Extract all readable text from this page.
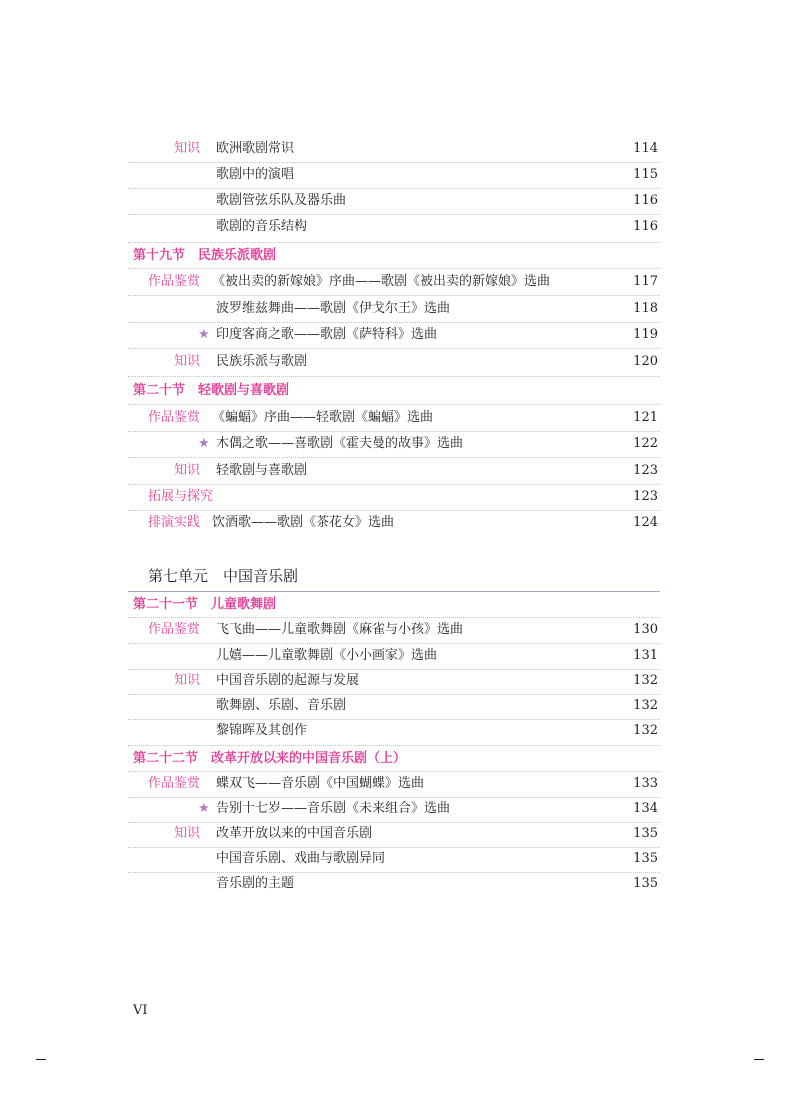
知识 欧洲歌剧常识	114
歌剧中的演唱	115
歌剧管弦乐队及器乐曲	116
歌剧的音乐结构	116
第十九节　民族乐派歌剧
作品鉴赏 《被出卖的新嫁娘》序曲——歌剧《被出卖的新嫁娘》选曲	117
波罗维兹舞曲——歌剧《伊戈尔王》选曲	118
★ 印度客商之歌——歌剧《萨特科》选曲	119
知识 民族乐派与歌剧	120
第二十节　轻歌剧与喜歌剧
作品鉴赏 《蝙蝠》序曲——轻歌剧《蝙蝠》选曲	121
★ 木偶之歌——喜歌剧《霍夫曼的故事》选曲	122
知识 轻歌剧与喜歌剧	123
拓展与探究	123
排演实践 饮酒歌——歌剧《茶花女》选曲	124
第七单元　中国音乐剧
第二十一节　儿童歌舞剧
作品鉴赏 飞飞曲——儿童歌舞剧《麻雀与小孩》选曲	130
儿嬉——儿童歌舞剧《小小画家》选曲	131
知识 中国音乐剧的起源与发展	132
歌舞剧、乐剧、音乐剧	132
黎锦晖及其创作	132
第二十二节　改革开放以来的中国音乐剧（上）
作品鉴赏 蝶双飞——音乐剧《中国蝴蝶》选曲	133
★ 告别十七岁——音乐剧《未来组合》选曲	134
知识 改革开放以来的中国音乐剧	135
中国音乐剧、戏曲与歌剧异同	135
音乐剧的主题	135
VI
